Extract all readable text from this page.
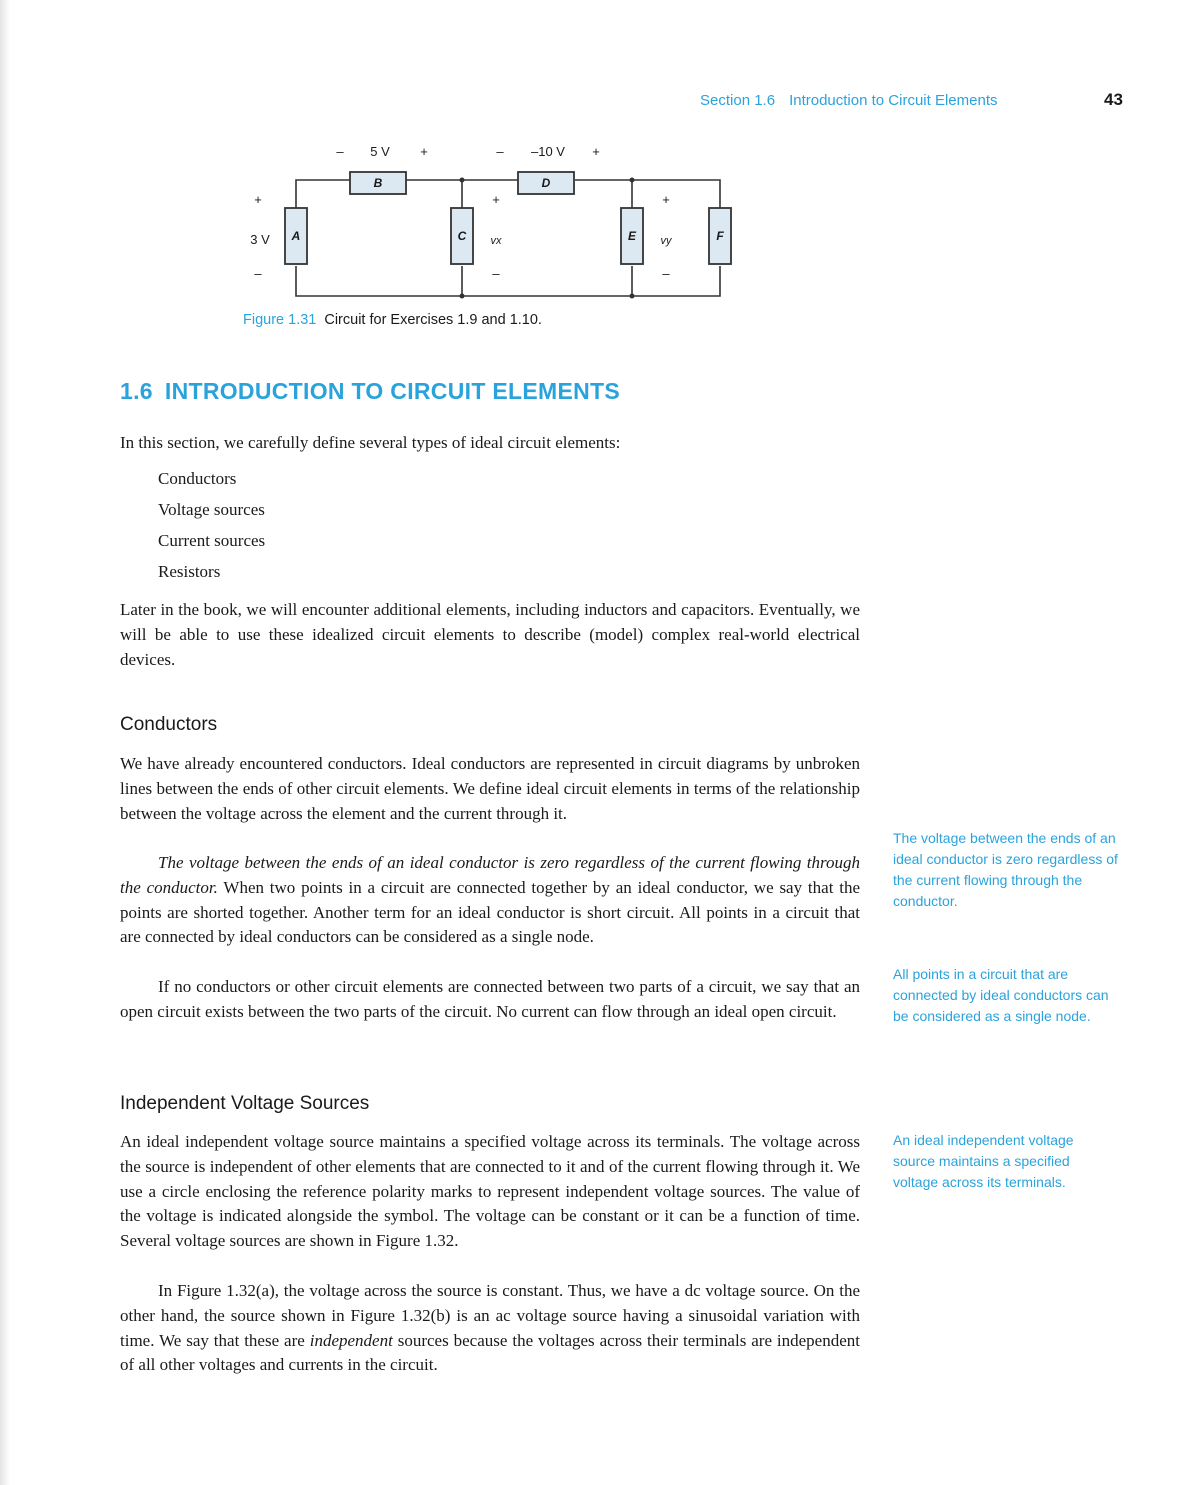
Section 1.6 Introduction to Circuit Elements	43
A
B
C
D
E	F
– 5 V +	– –10 V +
+
3 V
–
+
vx
–
+
vy
–
Figure 1.31 Circuit for Exercises 1.9 and 1.10.
1.6 INTRODUCTION TO CIRCUIT ELEMENTS
In this section, we carefully define several types of ideal circuit elements:
Conductors
Voltage sources
Current sources
Resistors

Later in the book, we will encounter additional elements, including inductors and capacitors. Eventually, we will be able to use these idealized circuit elements to describe (model) complex real-world electrical devices.

Conductors

We have already encountered conductors. Ideal conductors are represented in circuit diagrams by unbroken lines between the ends of other circuit elements. We define ideal circuit elements in terms of the relationship between the voltage across the element and the current through it.

The voltage between the ends of an ideal conductor is zero regardless of the current flowing through the conductor. When two points in a circuit are connected together by an ideal conductor, we say that the points are shorted together. Another term for an ideal conductor is short circuit. All points in a circuit that are connected by ideal conductors can be considered as a single node.

If no conductors or other circuit elements are connected between two parts of a circuit, we say that an open circuit exists between the two parts of the circuit. No current can flow through an ideal open circuit.

Independent Voltage Sources

An ideal independent voltage source maintains a specified voltage across its terminals. The voltage across the source is independent of other elements that are connected to it and of the current flowing through it. We use a circle enclosing the reference polarity marks to represent independent voltage sources. The value of the voltage is indicated alongside the symbol. The voltage can be constant or it can be a function of time. Several voltage sources are shown in Figure 1.32.

In Figure 1.32(a), the voltage across the source is constant. Thus, we have a dc voltage source. On the other hand, the source shown in Figure 1.32(b) is an ac voltage source having a sinusoidal variation with time. We say that these are independent sources because the voltages across their terminals are independent of all other voltages and currents in the circuit.

The voltage between the ends of an ideal conductor is zero regardless of the current flowing through the conductor.

All points in a circuit that are connected by ideal conductors can be considered as a single node.

An ideal independent voltage source maintains a specified voltage across its terminals.
